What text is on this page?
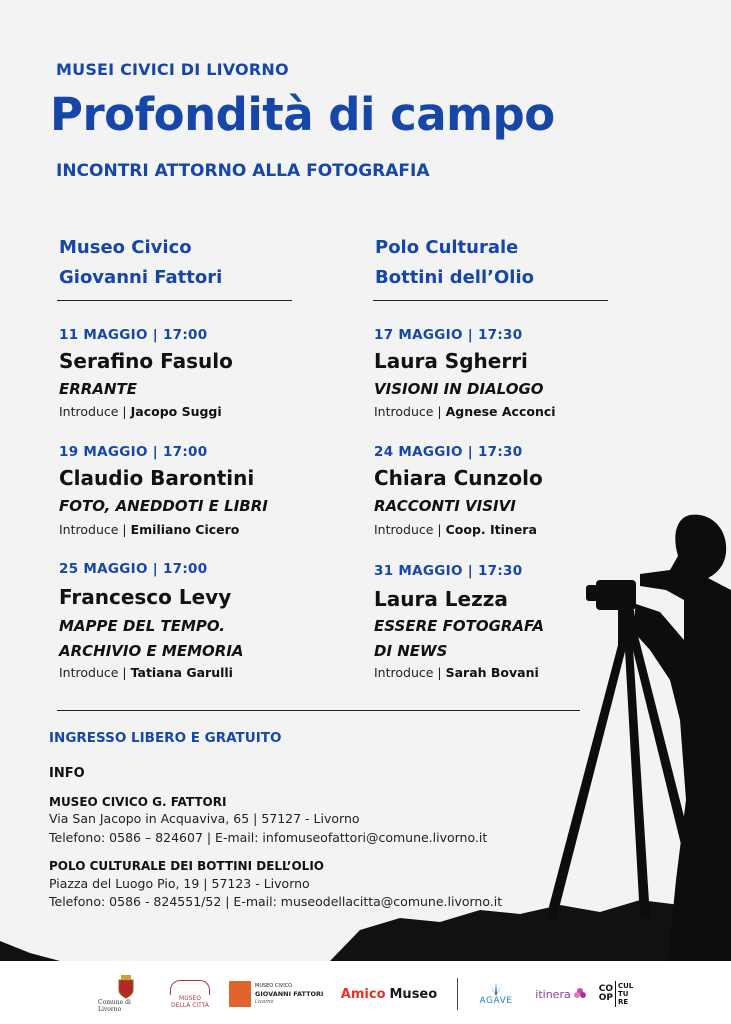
MUSEI CIVICI DI LIVORNO
Profondità di campo
INCONTRI ATTORNO ALLA FOTOGRAFIA
Museo Civico
Giovanni Fattori
11 MAGGIO | 17:00
Serafino Fasulo
ERRANTE
Introduce | Jacopo Suggi
19 MAGGIO | 17:00
Claudio Barontini
FOTO, ANEDDOTI E LIBRI
Introduce | Emiliano Cicero
25 MAGGIO | 17:00
Francesco Levy
MAPPE DEL TEMPO.
ARCHIVIO E MEMORIA
Introduce | Tatiana Garulli
Polo Culturale
Bottini dell’Olio
17 MAGGIO | 17:30
Laura Sgherri
VISIONI IN DIALOGO
Introduce | Agnese Acconci
24 MAGGIO | 17:30
Chiara Cunzolo
RACCONTI VISIVI
Introduce | Coop. Itinera
31 MAGGIO | 17:30
Laura Lezza
ESSERE FOTOGRAFA
DI NEWS
Introduce | Sarah Bovani
INGRESSO LIBERO E GRATUITO
INFO
MUSEO CIVICO G. FATTORI
Via San Jacopo in Acquaviva, 65 | 57127 - Livorno
Telefono: 0586 – 824607 | E-mail: infomuseofattori@comune.livorno.it
POLO CULTURALE DEI BOTTINI DELL’OLIO
Piazza del Luogo Pio, 19 | 57123 - Livorno
Telefono: 0586 - 824551/52 | E-mail: museodellacitta@comune.livorno.it
Comune di Livorno
MUSEO
DELLA CITTÀ
MUSEO CIVICO
GIOVANNI FATTORI
Livorno
Amico Museo	AGAVE
itinera	CO
OP
CUL
TU
RE
